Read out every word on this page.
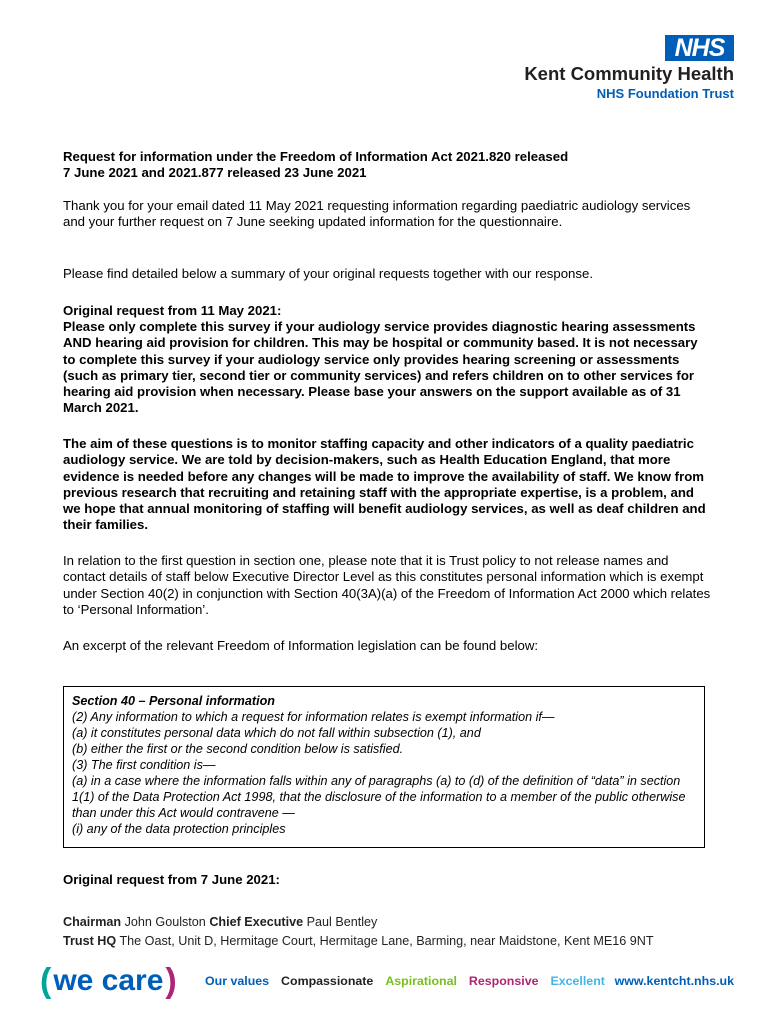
NHS
Kent Community Health
NHS Foundation Trust
Request for information under the Freedom of Information Act 2021.820 released
7 June 2021 and 2021.877 released 23 June 2021
Thank you for your email dated 11 May 2021 requesting information regarding paediatric audiology services and your further request on 7 June seeking updated information for the questionnaire.
Please find detailed below a summary of your original requests together with our response.
Original request from 11 May 2021:
Please only complete this survey if your audiology service provides diagnostic hearing assessments AND hearing aid provision for children. This may be hospital or community based. It is not necessary to complete this survey if your audiology service only provides hearing screening or assessments (such as primary tier, second tier or community services) and refers children on to other services for hearing aid provision when necessary. Please base your answers on the support available as of 31 March 2021.
The aim of these questions is to monitor staffing capacity and other indicators of a quality paediatric audiology service. We are told by decision-makers, such as Health Education England, that more evidence is needed before any changes will be made to improve the availability of staff. We know from previous research that recruiting and retaining staff with the appropriate expertise, is a problem, and we hope that annual monitoring of staffing will benefit audiology services, as well as deaf children and their families.
In relation to the first question in section one, please note that it is Trust policy to not release names and contact details of staff below Executive Director Level as this constitutes personal information which is exempt under Section 40(2) in conjunction with Section 40(3A)(a) of the Freedom of Information Act 2000 which relates to ‘Personal Information’.
An excerpt of the relevant Freedom of Information legislation can be found below:
Section 40 – Personal information
(2) Any information to which a request for information relates is exempt information if—
(a) it constitutes personal data which do not fall within subsection (1), and
(b) either the first or the second condition below is satisfied.
(3) The first condition is—
(a) in a case where the information falls within any of paragraphs (a) to (d) of the definition of “data” in section 1(1) of the Data Protection Act 1998, that the disclosure of the information to a member of the public otherwise than under this Act would contravene —
(i) any of the data protection principles
Original request from 7 June 2021:
Chairman John Goulston Chief Executive Paul Bentley
Trust HQ The Oast, Unit D, Hermitage Court, Hermitage Lane, Barming, near Maidstone, Kent ME16 9NT
( we care ) Our values Compassionate Aspirational Responsive Excellent www.kentcht.nhs.uk
